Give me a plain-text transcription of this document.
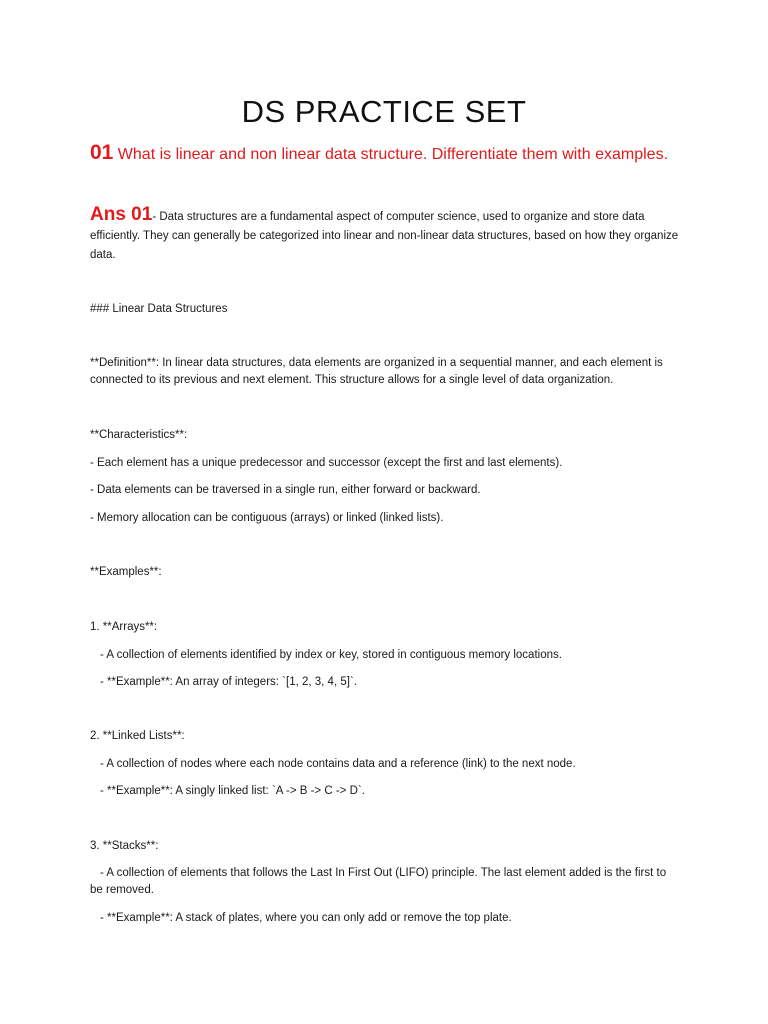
DS PRACTICE SET
01 What is linear and non linear data structure. Differentiate them with examples.
Ans 01- Data structures are a fundamental aspect of computer science, used to organize and store data efficiently. They can generally be categorized into linear and non-linear data structures, based on how they organize data.

### Linear Data Structures

**Definition**: In linear data structures, data elements are organized in a sequential manner, and each element is connected to its previous and next element. This structure allows for a single level of data organization.

**Characteristics**:

- Each element has a unique predecessor and successor (except the first and last elements).

- Data elements can be traversed in a single run, either forward or backward.

- Memory allocation can be contiguous (arrays) or linked (linked lists).

**Examples**:

1. **Arrays**:

- A collection of elements identified by index or key, stored in contiguous memory locations.

- **Example**: An array of integers: `[1, 2, 3, 4, 5]`.

2. **Linked Lists**:

- A collection of nodes where each node contains data and a reference (link) to the next node.

- **Example**: A singly linked list: `A -> B -> C -> D`.

3. **Stacks**:

- A collection of elements that follows the Last In First Out (LIFO) principle. The last element added is the first to be removed.

- **Example**: A stack of plates, where you can only add or remove the top plate.
